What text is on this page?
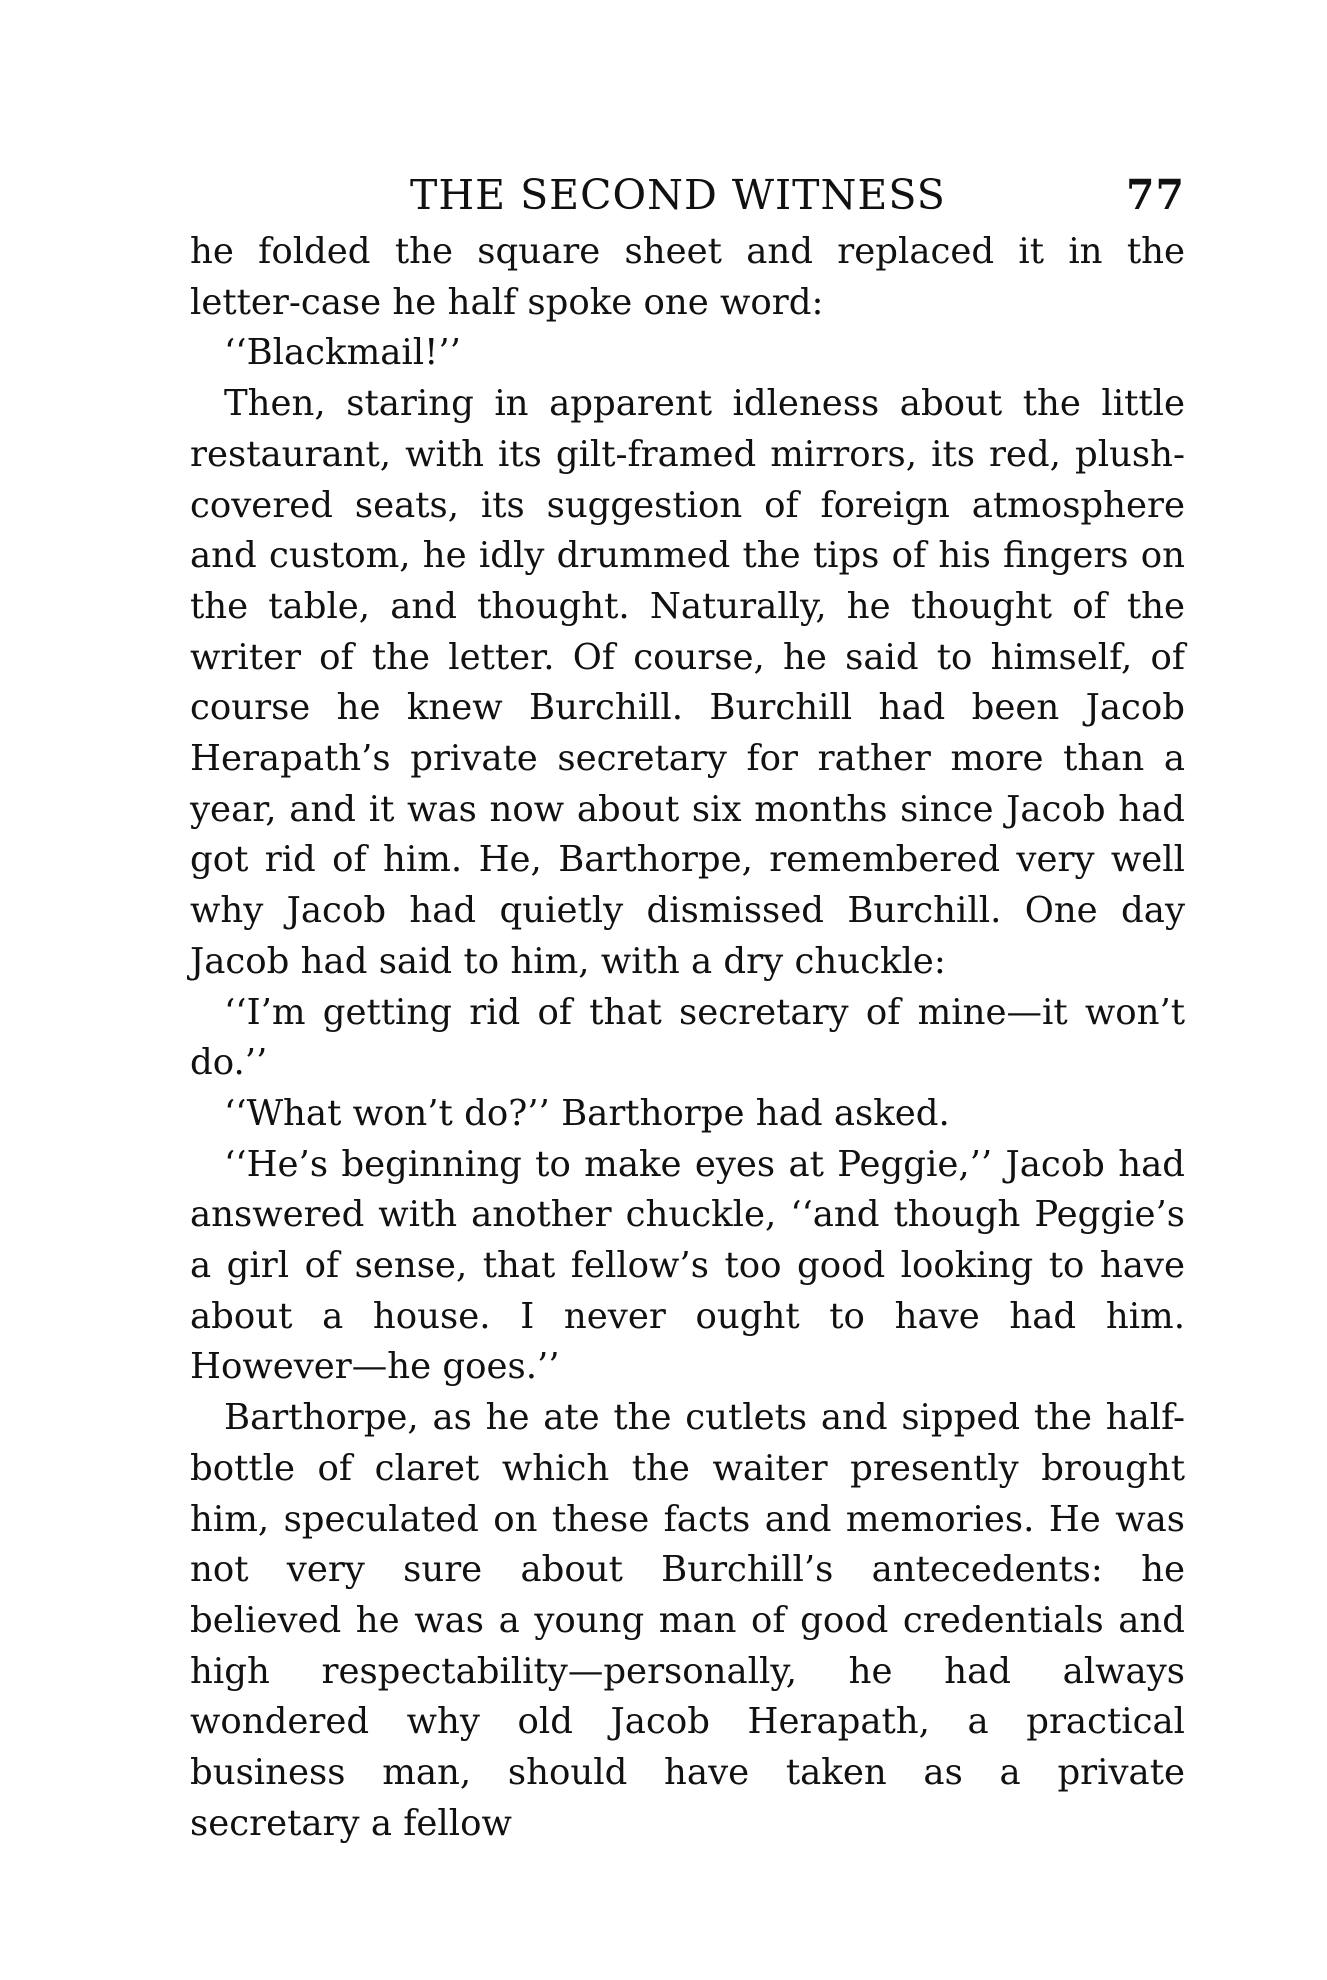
THE SECOND WITNESS	77

he folded the square sheet and replaced it in the letter-case he half spoke one word:

‘‘Blackmail!’’

Then, staring in apparent idleness about the little restaurant, with its gilt-framed mirrors, its red, plush-covered seats, its suggestion of foreign atmosphere and custom, he idly drummed the tips of his fingers on the table, and thought. Naturally, he thought of the writer of the letter. Of course, he said to himself, of course he knew Burchill. Burchill had been Jacob Herapath’s private secretary for rather more than a year, and it was now about six months since Jacob had got rid of him. He, Barthorpe, remembered very well why Jacob had quietly dismissed Burchill. One day Jacob had said to him, with a dry chuckle:

‘‘I’m getting rid of that secretary of mine—it won’t do.’’

‘‘What won’t do?’’ Barthorpe had asked.

‘‘He’s beginning to make eyes at Peggie,’’ Jacob had answered with another chuckle, ‘‘and though Peggie’s a girl of sense, that fellow’s too good looking to have about a house. I never ought to have had him. However—he goes.’’

Barthorpe, as he ate the cutlets and sipped the half-bottle of claret which the waiter presently brought him, speculated on these facts and memories. He was not very sure about Burchill’s antecedents: he believed he was a young man of good credentials and high respectability—personally, he had always wondered why old Jacob Herapath, a practical business man, should have taken as a private secretary a fellow
